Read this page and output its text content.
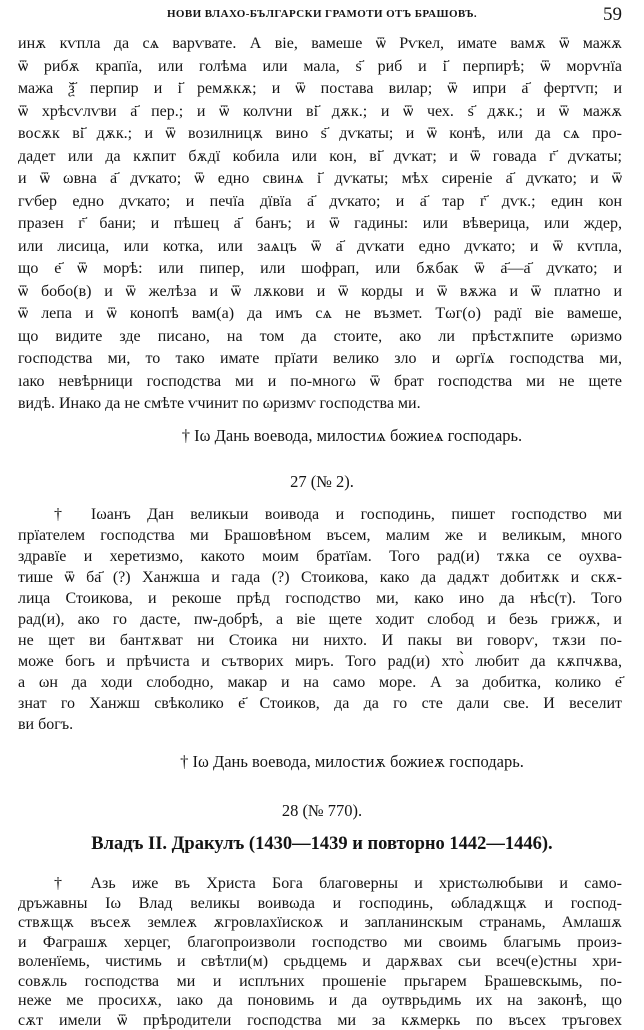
НОВИ ВЛАХО-БЪЛГАРСКИ ГРАМОТИ ОТЪ БРАШОВЪ.	59
инѫ кѵпла да сѧ варѵвате. А віе, вамеше ѿ Рѵкел, имате вамѫ ѿ мажѫ
ѿ рибѫ крапїа, или голѣма или мала, ѕ҃ риб и і҃ перпирѣ; ѿ морѵнїа
мажа ѯ҃ перпир и і҃ ремѫкѫ; и ѿ постава вилар; ѿ ипри а҃ фертѵп; и
ѿ хрѣсѵлѵви а҃ пер.; и ѿ колѵни ві҃ дѫк.; и ѿ чех. ѕ҃ дѫк.; и ѿ мажѫ
восѫк ві҃ дѫк.; и ѿ возилницѫ вино ѕ҃ дѵкаты; и ѿ конѣ, или да сѧ про-
дадет или да кѫпит бѫдї кобила или кон, ві҃ дѵкат; и ѿ говада г҃ дѵкаты;
и ѿ ωвна а҃ дѵкато; ѿ едно свинѧ і҃ дѵкаты; мѣх сиреніе а҃ дѵкато; и ѿ
гѵбер едно дѵкато; и печїа дївїа а҃ дѵкато; и а҃ тар г҃ дѵк.; един кон
празен г҃ бани; и пѣшец а҃ банъ; и ѿ гадины: или вѣверица, или ждер,
или лисица, или котка, или заѧцъ ѿ а҃ дѵкати едно дѵкато; и ѿ кѵпла,
що е҃ ѿ морѣ: или пипер, или шофрап, или бѫбак ѿ а҃—а҃ дѵкато; и
ѿ бобо(в) и ѿ желѣза и ѿ лѫкови и ѿ корды и ѿ вѫжа и ѿ платно и
ѿ лепа и ѿ конопѣ вам(а) да имъ сѧ не възмет. Тωг(о) радї віе вамеше,
що видите зде писано, на том да стоите, ако ли прѣстѫпите ωризмо
господства ми, то тако имате прїати велико зло и ωргїѧ господства ми,
ıако невѣрници господства ми и по-многω ѿ брат господства ми не щете
видѣ. Инако да не смѣте ѵчинит по ωризмѵ господства ми.
† Iω Дань воевода, милостиѧ божиеѧ господарь.
27 (№ 2).
† Iωанъ Дан великыи воивода и господинь, пишет господство ми
прїателем господства ми Брашовѣном въсем, малим же и великым, много
здравїе и херетизмо, какото моим братїам. Того рад(и) тѫка се оухва-
тише ѿ ба҃ (?) Ханжша и гада (?) Стоикова, како да дадѫт добитѫк и скѫ-
лица Стоикова, и рекоше прѣд господство ми, како ино да нѣс(т). Того
рад(и), ако го дасте, пѡ-добрѣ, а віе щете ходит слобод и безь грижѫ, и
не щет ви бантѫват ни Стоика ни нихто. И пакы ви говорѵ, тѫзи по-
може богь и прѣчиста и сътворих миръ. Того рад(и) хто̀ любит да кѫпчѫва,
а ωн да ходи слободно, макар и на само море. А за добитка, колико е҃
знат го Ханжш свѣколико е҃ Стоиков, да да го сте дали све. И веселит
ви богъ.
† Iω Дань воевода, милостиѫ божиеѫ господарь.
28 (№ 770).
Владъ II. Дракулъ (1430—1439 и повторно 1442—1446).
† Азь иже въ Христа Бога благоверны и христωлюбыви и само-
дръжавны Iω Влад великы воивωда и господинь, ωбладѫщѫ и господ-
ствѫщѫ въсеѫ землеѫ ѫгровлахїискоѫ и запланинскым странамь, Амлашѫ
и Фаграшѫ херцег, благопроизволи господство ми своимь благымь произ-
воленїемь, чистимь и свѣтли(м) срьдцемь и дарѫвах сьи всеч(е)стны хри-
совѫль господства ми и исплъних прошеніе прьгарем Брашевскымь, по-
неже ме просихѫ, ıако да поновимь и да оутврьдимь их на законѣ, що
сѫт имели ѿ прѣродители господства ми за кѫмеркь по въсех тръговех
